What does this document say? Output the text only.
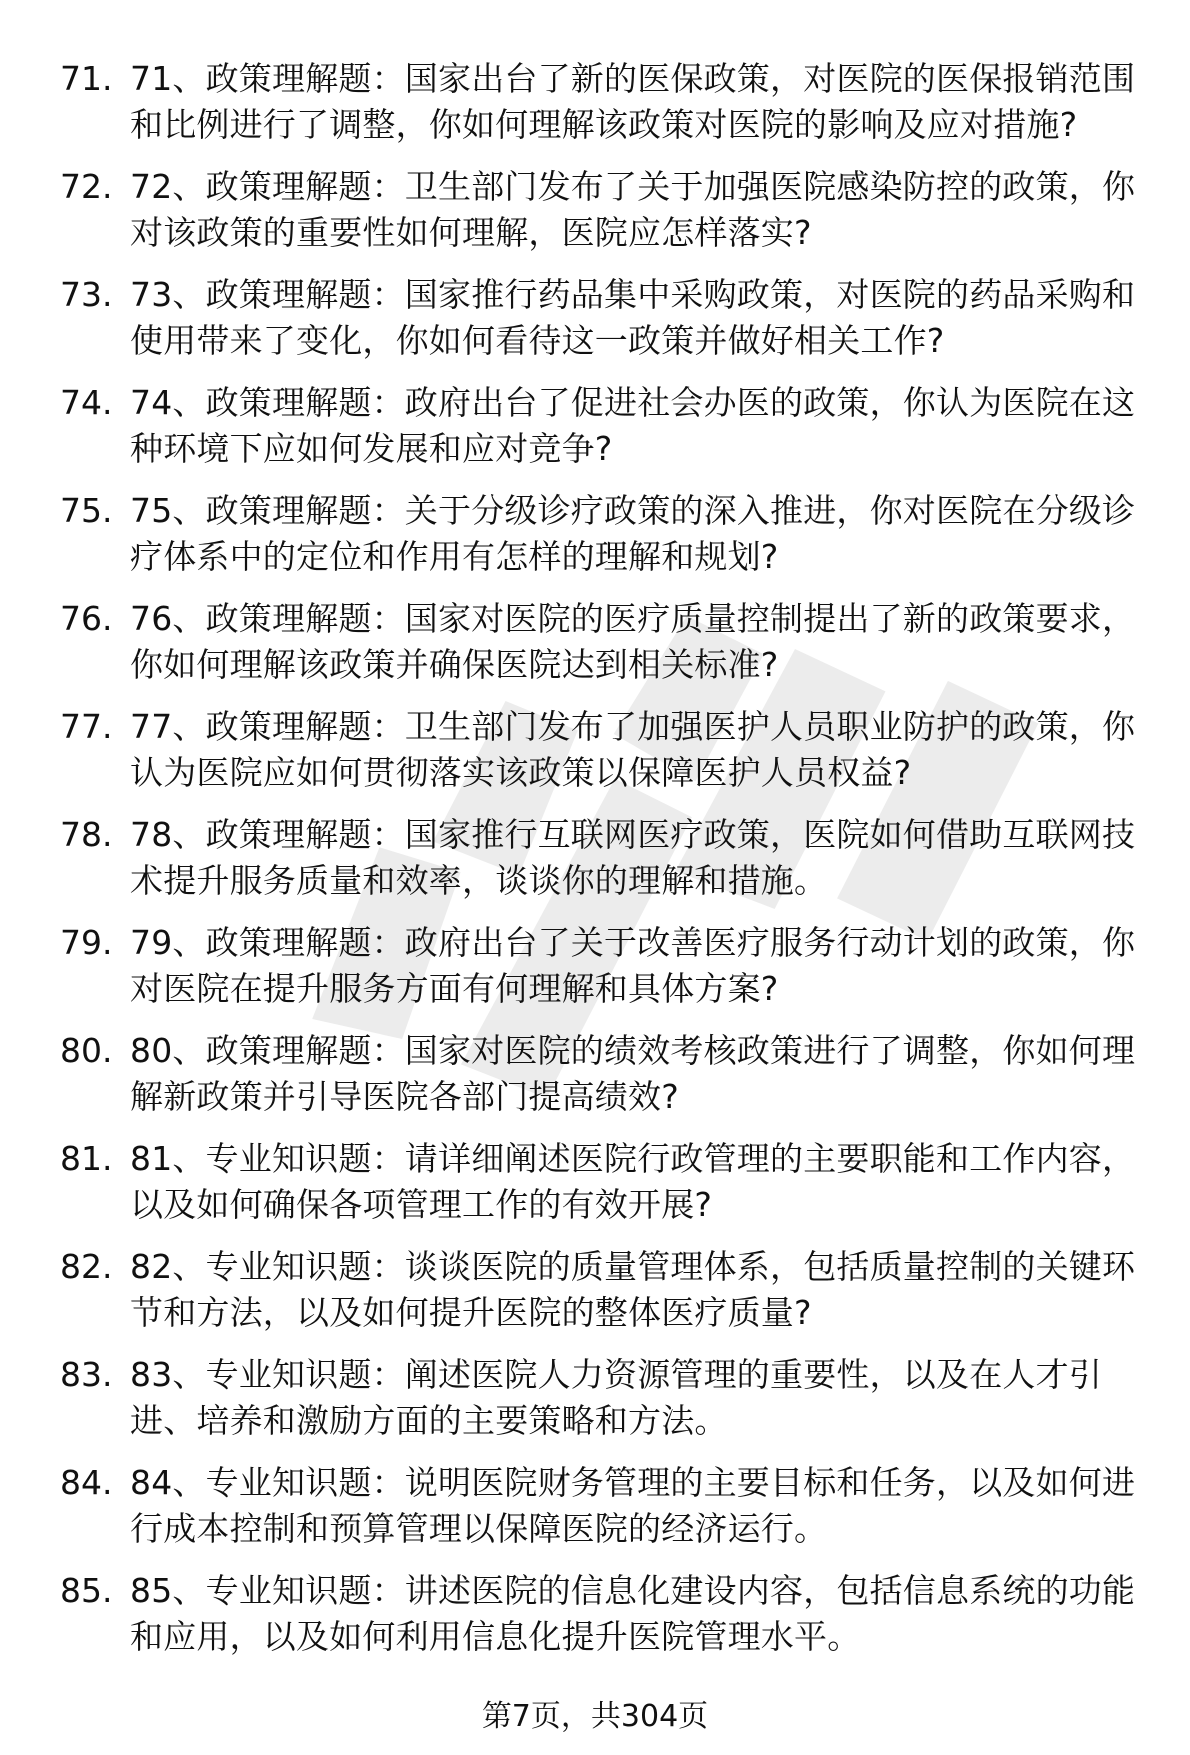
71. 71、政策理解题：国家出台了新的医保政策，对医院的医保报销范围和比例进行了调整，你如何理解该政策对医院的影响及应对措施?
72. 72、政策理解题：卫生部门发布了关于加强医院感染防控的政策，你对该政策的重要性如何理解，医院应怎样落实?
73. 73、政策理解题：国家推行药品集中采购政策，对医院的药品采购和使用带来了变化，你如何看待这一政策并做好相关工作?
74. 74、政策理解题：政府出台了促进社会办医的政策，你认为医院在这种环境下应如何发展和应对竞争?
75. 75、政策理解题：关于分级诊疗政策的深入推进，你对医院在分级诊疗体系中的定位和作用有怎样的理解和规划?
76. 76、政策理解题：国家对医院的医疗质量控制提出了新的政策要求，你如何理解该政策并确保医院达到相关标准?
77. 77、政策理解题：卫生部门发布了加强医护人员职业防护的政策，你认为医院应如何贯彻落实该政策以保障医护人员权益?
78. 78、政策理解题：国家推行互联网医疗政策，医院如何借助互联网技术提升服务质量和效率，谈谈你的理解和措施。
79. 79、政策理解题：政府出台了关于改善医疗服务行动计划的政策，你对医院在提升服务方面有何理解和具体方案?
80. 80、政策理解题：国家对医院的绩效考核政策进行了调整，你如何理解新政策并引导医院各部门提高绩效?
81. 81、专业知识题：请详细阐述医院行政管理的主要职能和工作内容，以及如何确保各项管理工作的有效开展?
82. 82、专业知识题：谈谈医院的质量管理体系，包括质量控制的关键环节和方法，以及如何提升医院的整体医疗质量?
83. 83、专业知识题：阐述医院人力资源管理的重要性，以及在人才引进、培养和激励方面的主要策略和方法。
84. 84、专业知识题：说明医院财务管理的主要目标和任务，以及如何进行成本控制和预算管理以保障医院的经济运行。
85. 85、专业知识题：讲述医院的信息化建设内容，包括信息系统的功能和应用，以及如何利用信息化提升医院管理水平。
第7页，共304页
